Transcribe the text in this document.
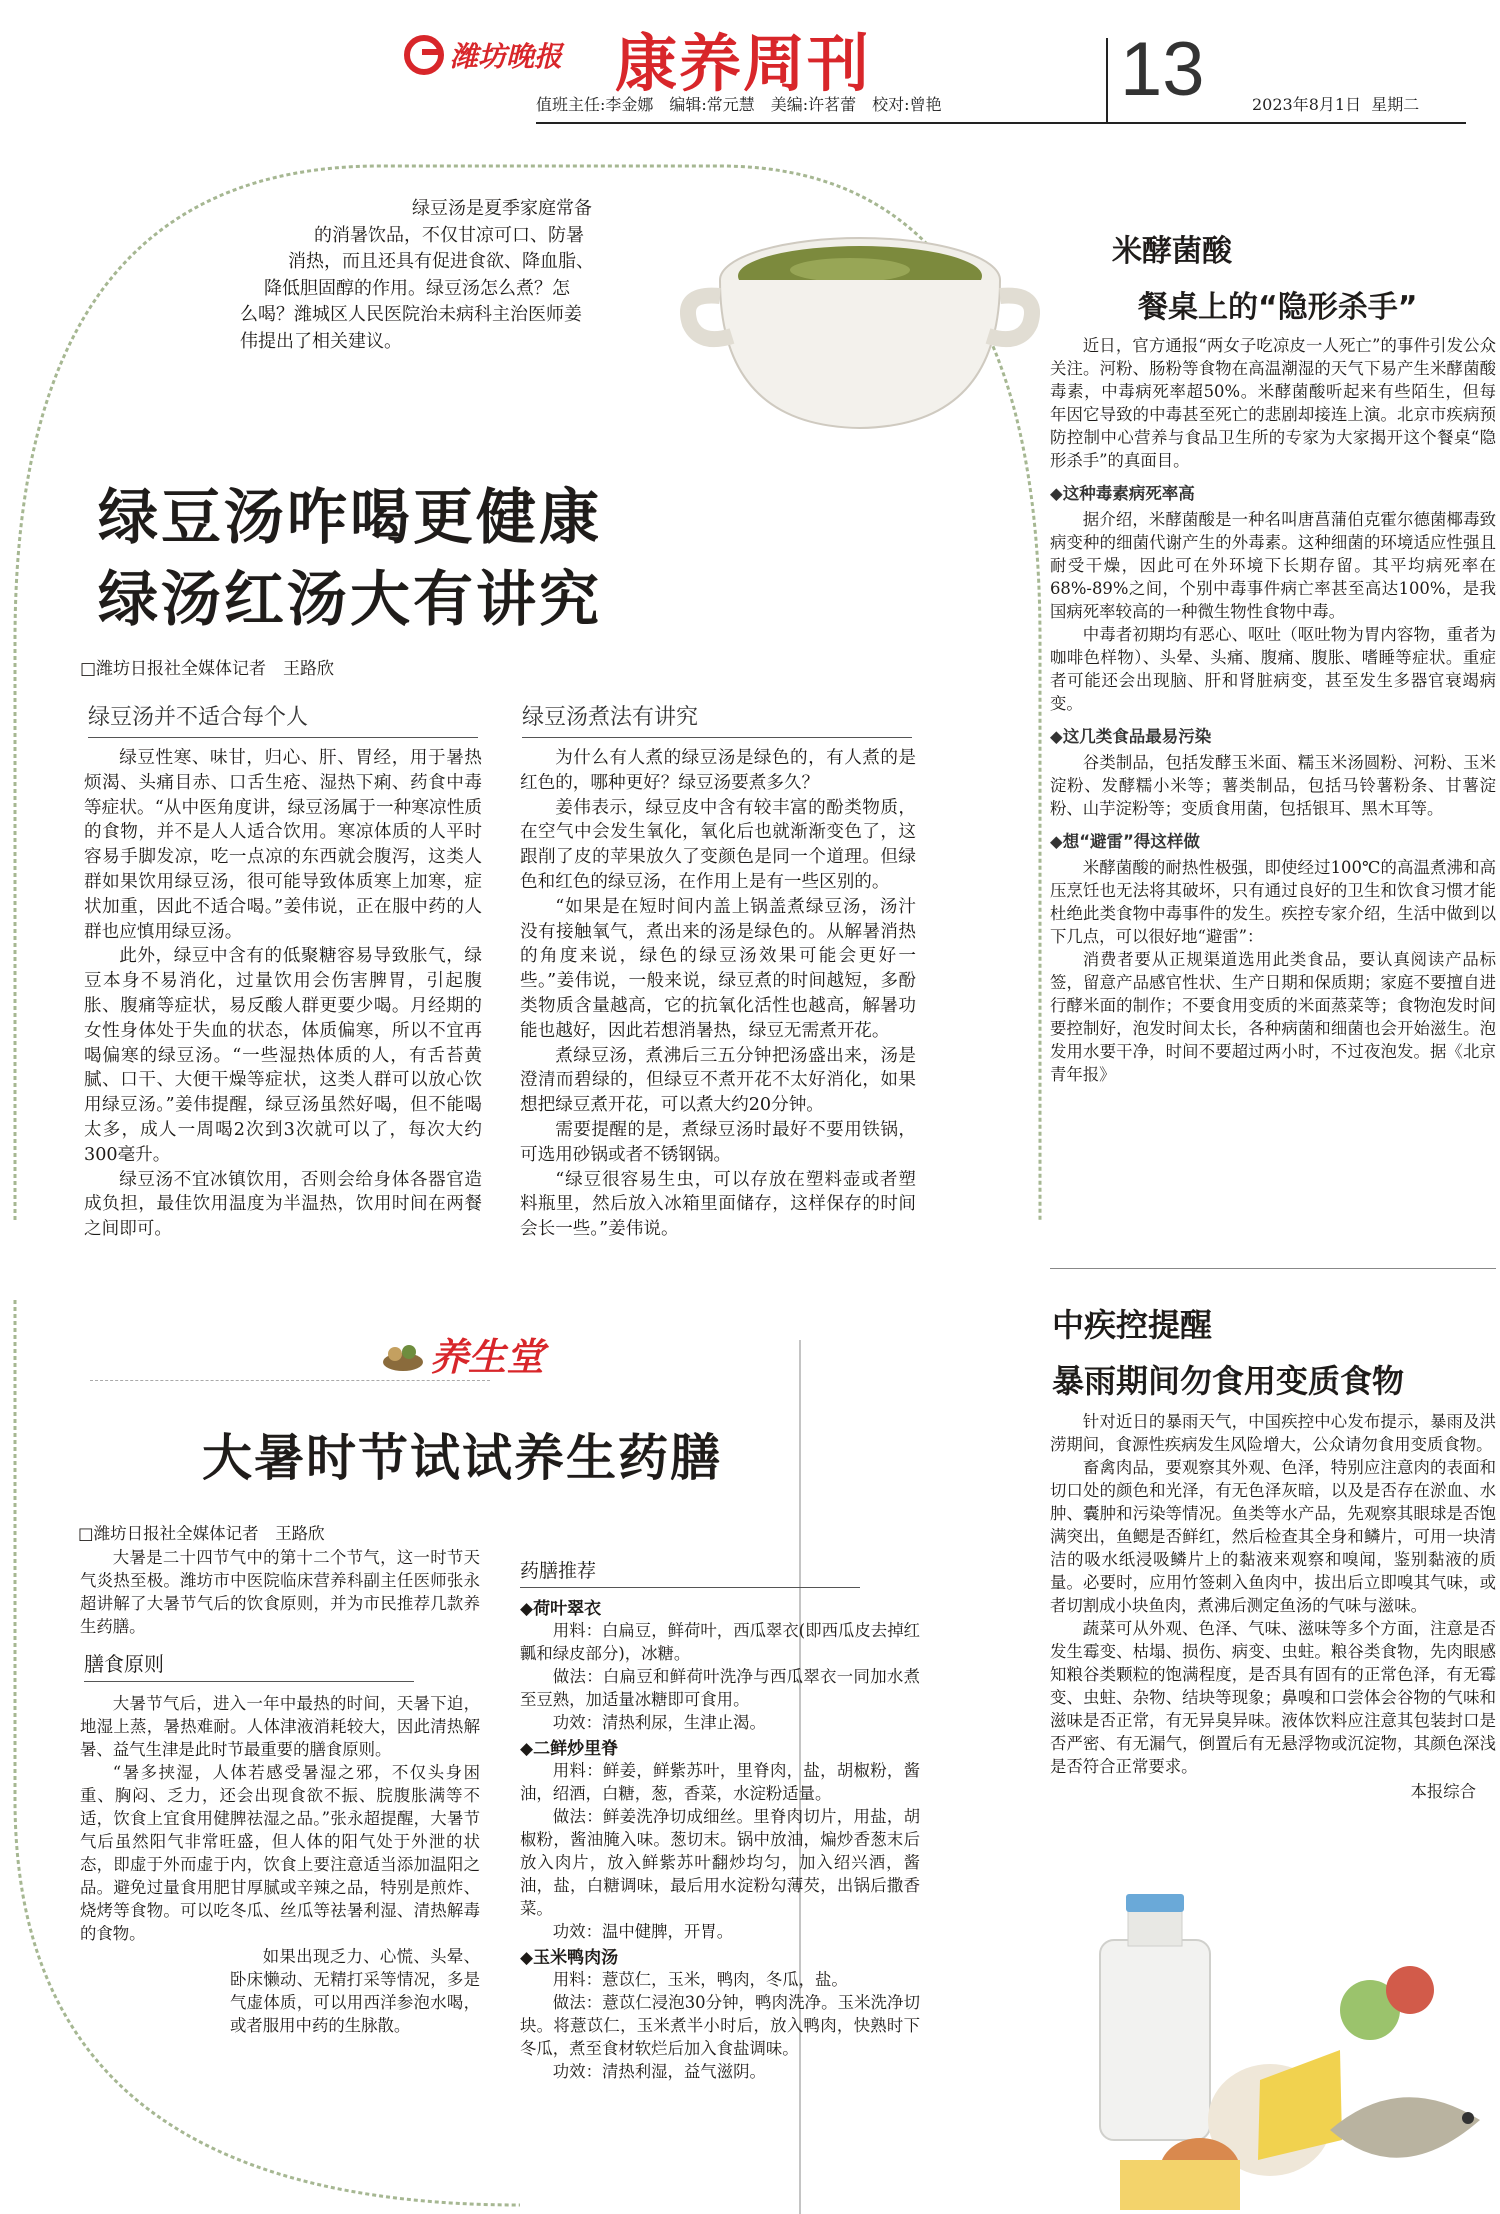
潍坊晚报 康养周刊
值班主任:李金娜　编辑:常元慧　美编:许茗蕾　校对:曾艳 13	2023年8月1日 星期二
绿豆汤是夏季家庭常备
的消暑饮品，不仅甘凉可口、防暑
消热，而且还具有促进食欲、降血脂、
降低胆固醇的作用。绿豆汤怎么煮？怎
么喝？潍城区人民医院治未病科主治医师姜
伟提出了相关建议。
绿豆汤咋喝更健康
绿汤红汤大有讲究
□潍坊日报社全媒体记者　王路欣
绿豆汤并不适合每个人
绿豆性寒、味甘，归心、肝、胃经，用于暑热烦渴、头痛目赤、口舌生疮、湿热下痢、药食中毒等症状。“从中医角度讲，绿豆汤属于一种寒凉性质的食物，并不是人人适合饮用。寒凉体质的人平时容易手脚发凉，吃一点凉的东西就会腹泻，这类人群如果饮用绿豆汤，很可能导致体质寒上加寒，症状加重，因此不适合喝。”姜伟说，正在服中药的人群也应慎用绿豆汤。
此外，绿豆中含有的低聚糖容易导致胀气，绿豆本身不易消化，过量饮用会伤害脾胃，引起腹胀、腹痛等症状，易反酸人群更要少喝。月经期的女性身体处于失血的状态，体质偏寒，所以不宜再喝偏寒的绿豆汤。“一些湿热体质的人，有舌苔黄腻、口干、大便干燥等症状，这类人群可以放心饮用绿豆汤。”姜伟提醒，绿豆汤虽然好喝，但不能喝太多，成人一周喝2次到3次就可以了，每次大约300毫升。
绿豆汤不宜冰镇饮用，否则会给身体各器官造成负担，最佳饮用温度为半温热，饮用时间在两餐之间即可。
绿豆汤煮法有讲究
为什么有人煮的绿豆汤是绿色的，有人煮的是红色的，哪种更好？绿豆汤要煮多久？
姜伟表示，绿豆皮中含有较丰富的酚类物质，在空气中会发生氧化，氧化后也就渐渐变色了，这跟削了皮的苹果放久了变颜色是同一个道理。但绿色和红色的绿豆汤，在作用上是有一些区别的。
“如果是在短时间内盖上锅盖煮绿豆汤，汤汁没有接触氧气，煮出来的汤是绿色的。从解暑消热的角度来说，绿色的绿豆汤效果可能会更好一些。”姜伟说，一般来说，绿豆煮的时间越短，多酚类物质含量越高，它的抗氧化活性也越高，解暑功能也越好，因此若想消暑热，绿豆无需煮开花。
煮绿豆汤，煮沸后三五分钟把汤盛出来，汤是澄清而碧绿的，但绿豆不煮开花不太好消化，如果想把绿豆煮开花，可以煮大约20分钟。
需要提醒的是，煮绿豆汤时最好不要用铁锅，可选用砂锅或者不锈钢锅。
“绿豆很容易生虫，可以存放在塑料壶或者塑料瓶里，然后放入冰箱里面储存，这样保存的时间会长一些。”姜伟说。
养生堂
大暑时节试试养生药膳
□潍坊日报社全媒体记者　王路欣
大暑是二十四节气中的第十二个节气，这一时节天气炎热至极。潍坊市中医院临床营养科副主任医师张永超讲解了大暑节气后的饮食原则，并为市民推荐几款养生药膳。
膳食原则
大暑节气后，进入一年中最热的时间，天暑下迫，地湿上蒸，暑热难耐。人体津液消耗较大，因此清热解暑、益气生津是此时节最重要的膳食原则。
“暑多挟湿，人体若感受暑湿之邪，不仅头身困重、胸闷、乏力，还会出现食欲不振、脘腹胀满等不适，饮食上宜食用健脾祛湿之品。”张永超提醒，大暑节气后虽然阳气非常旺盛，但人体的阳气处于外泄的状态，即虚于外而虚于内，饮食上要注意适当添加温阳之品。避免过量食用肥甘厚腻或辛辣之品，特别是煎炸、烧烤等食物。可以吃冬瓜、丝瓜等祛暑利湿、清热解毒的食物。
如果出现乏力、心慌、头晕、卧床懒动、无精打采等情况，多是气虚体质，可以用西洋参泡水喝，或者服用中药的生脉散。
药膳推荐
◆荷叶翠衣
用料：白扁豆，鲜荷叶，西瓜翠衣(即西瓜皮去掉红瓤和绿皮部分)，冰糖。
做法：白扁豆和鲜荷叶洗净与西瓜翠衣一同加水煮至豆熟，加适量冰糖即可食用。
功效：清热利尿，生津止渴。
◆二鲜炒里脊
用料：鲜姜，鲜紫苏叶，里脊肉，盐，胡椒粉，酱油，绍酒，白糖，葱，香菜，水淀粉适量。
做法：鲜姜洗净切成细丝。里脊肉切片，用盐，胡椒粉，酱油腌入味。葱切末。锅中放油，煸炒香葱末后放入肉片，放入鲜紫苏叶翻炒均匀，加入绍兴酒，酱油，盐，白糖调味，最后用水淀粉勾薄芡，出锅后撒香菜。
功效：温中健脾，开胃。
◆玉米鸭肉汤
用料：薏苡仁，玉米，鸭肉，冬瓜，盐。
做法：薏苡仁浸泡30分钟，鸭肉洗净。玉米洗净切块。将薏苡仁，玉米煮半小时后，放入鸭肉，快熟时下冬瓜，煮至食材软烂后加入食盐调味。
功效：清热利湿，益气滋阴。
米酵菌酸
餐桌上的“隐形杀手”
近日，官方通报“两女子吃凉皮一人死亡”的事件引发公众关注。河粉、肠粉等食物在高温潮湿的天气下易产生米酵菌酸毒素，中毒病死率超50%。米酵菌酸听起来有些陌生，但每年因它导致的中毒甚至死亡的悲剧却接连上演。北京市疾病预防控制中心营养与食品卫生所的专家为大家揭开这个餐桌“隐形杀手”的真面目。
◆这种毒素病死率高
据介绍，米酵菌酸是一种名叫唐菖蒲伯克霍尔德菌椰毒致病变种的细菌代谢产生的外毒素。这种细菌的环境适应性强且耐受干燥，因此可在外环境下长期存留。其平均病死率在68%-89%之间，个别中毒事件病亡率甚至高达100%，是我国病死率较高的一种微生物性食物中毒。
中毒者初期均有恶心、呕吐（呕吐物为胃内容物，重者为咖啡色样物）、头晕、头痛、腹痛、腹胀、嗜睡等症状。重症者可能还会出现脑、肝和肾脏病变，甚至发生多器官衰竭病变。
◆这几类食品最易污染
谷类制品，包括发酵玉米面、糯玉米汤圆粉、河粉、玉米淀粉、发酵糯小米等；薯类制品，包括马铃薯粉条、甘薯淀粉、山芋淀粉等；变质食用菌，包括银耳、黑木耳等。
◆想“避雷”得这样做
米酵菌酸的耐热性极强，即使经过100℃的高温煮沸和高压烹饪也无法将其破坏，只有通过良好的卫生和饮食习惯才能杜绝此类食物中毒事件的发生。疾控专家介绍，生活中做到以下几点，可以很好地“避雷”：
消费者要从正规渠道选用此类食品，要认真阅读产品标签，留意产品感官性状、生产日期和保质期；家庭不要擅自进行酵米面的制作；不要食用变质的米面蒸菜等；食物泡发时间要控制好，泡发时间太长，各种病菌和细菌也会开始滋生。泡发用水要干净，时间不要超过两小时，不过夜泡发。据《北京青年报》
中疾控提醒
暴雨期间勿食用变质食物
针对近日的暴雨天气，中国疾控中心发布提示，暴雨及洪涝期间，食源性疾病发生风险增大，公众请勿食用变质食物。
畜禽肉品，要观察其外观、色泽，特别应注意肉的表面和切口处的颜色和光泽，有无色泽灰暗，以及是否存在淤血、水肿、囊肿和污染等情况。鱼类等水产品，先观察其眼球是否饱满突出，鱼鳃是否鲜红，然后检查其全身和鳞片，可用一块清洁的吸水纸浸吸鳞片上的黏液来观察和嗅闻，鉴别黏液的质量。必要时，应用竹签刺入鱼肉中，拔出后立即嗅其气味，或者切割成小块鱼肉，煮沸后测定鱼汤的气味与滋味。
蔬菜可从外观、色泽、气味、滋味等多个方面，注意是否发生霉变、枯塌、损伤、病变、虫蛀。粮谷类食物，先肉眼感知粮谷类颗粒的饱满程度，是否具有固有的正常色泽，有无霉变、虫蛀、杂物、结块等现象；鼻嗅和口尝体会谷物的气味和滋味是否正常，有无异臭异味。液体饮料应注意其包装封口是否严密、有无漏气，倒置后有无悬浮物或沉淀物，其颜色深浅是否符合正常要求。
本报综合
